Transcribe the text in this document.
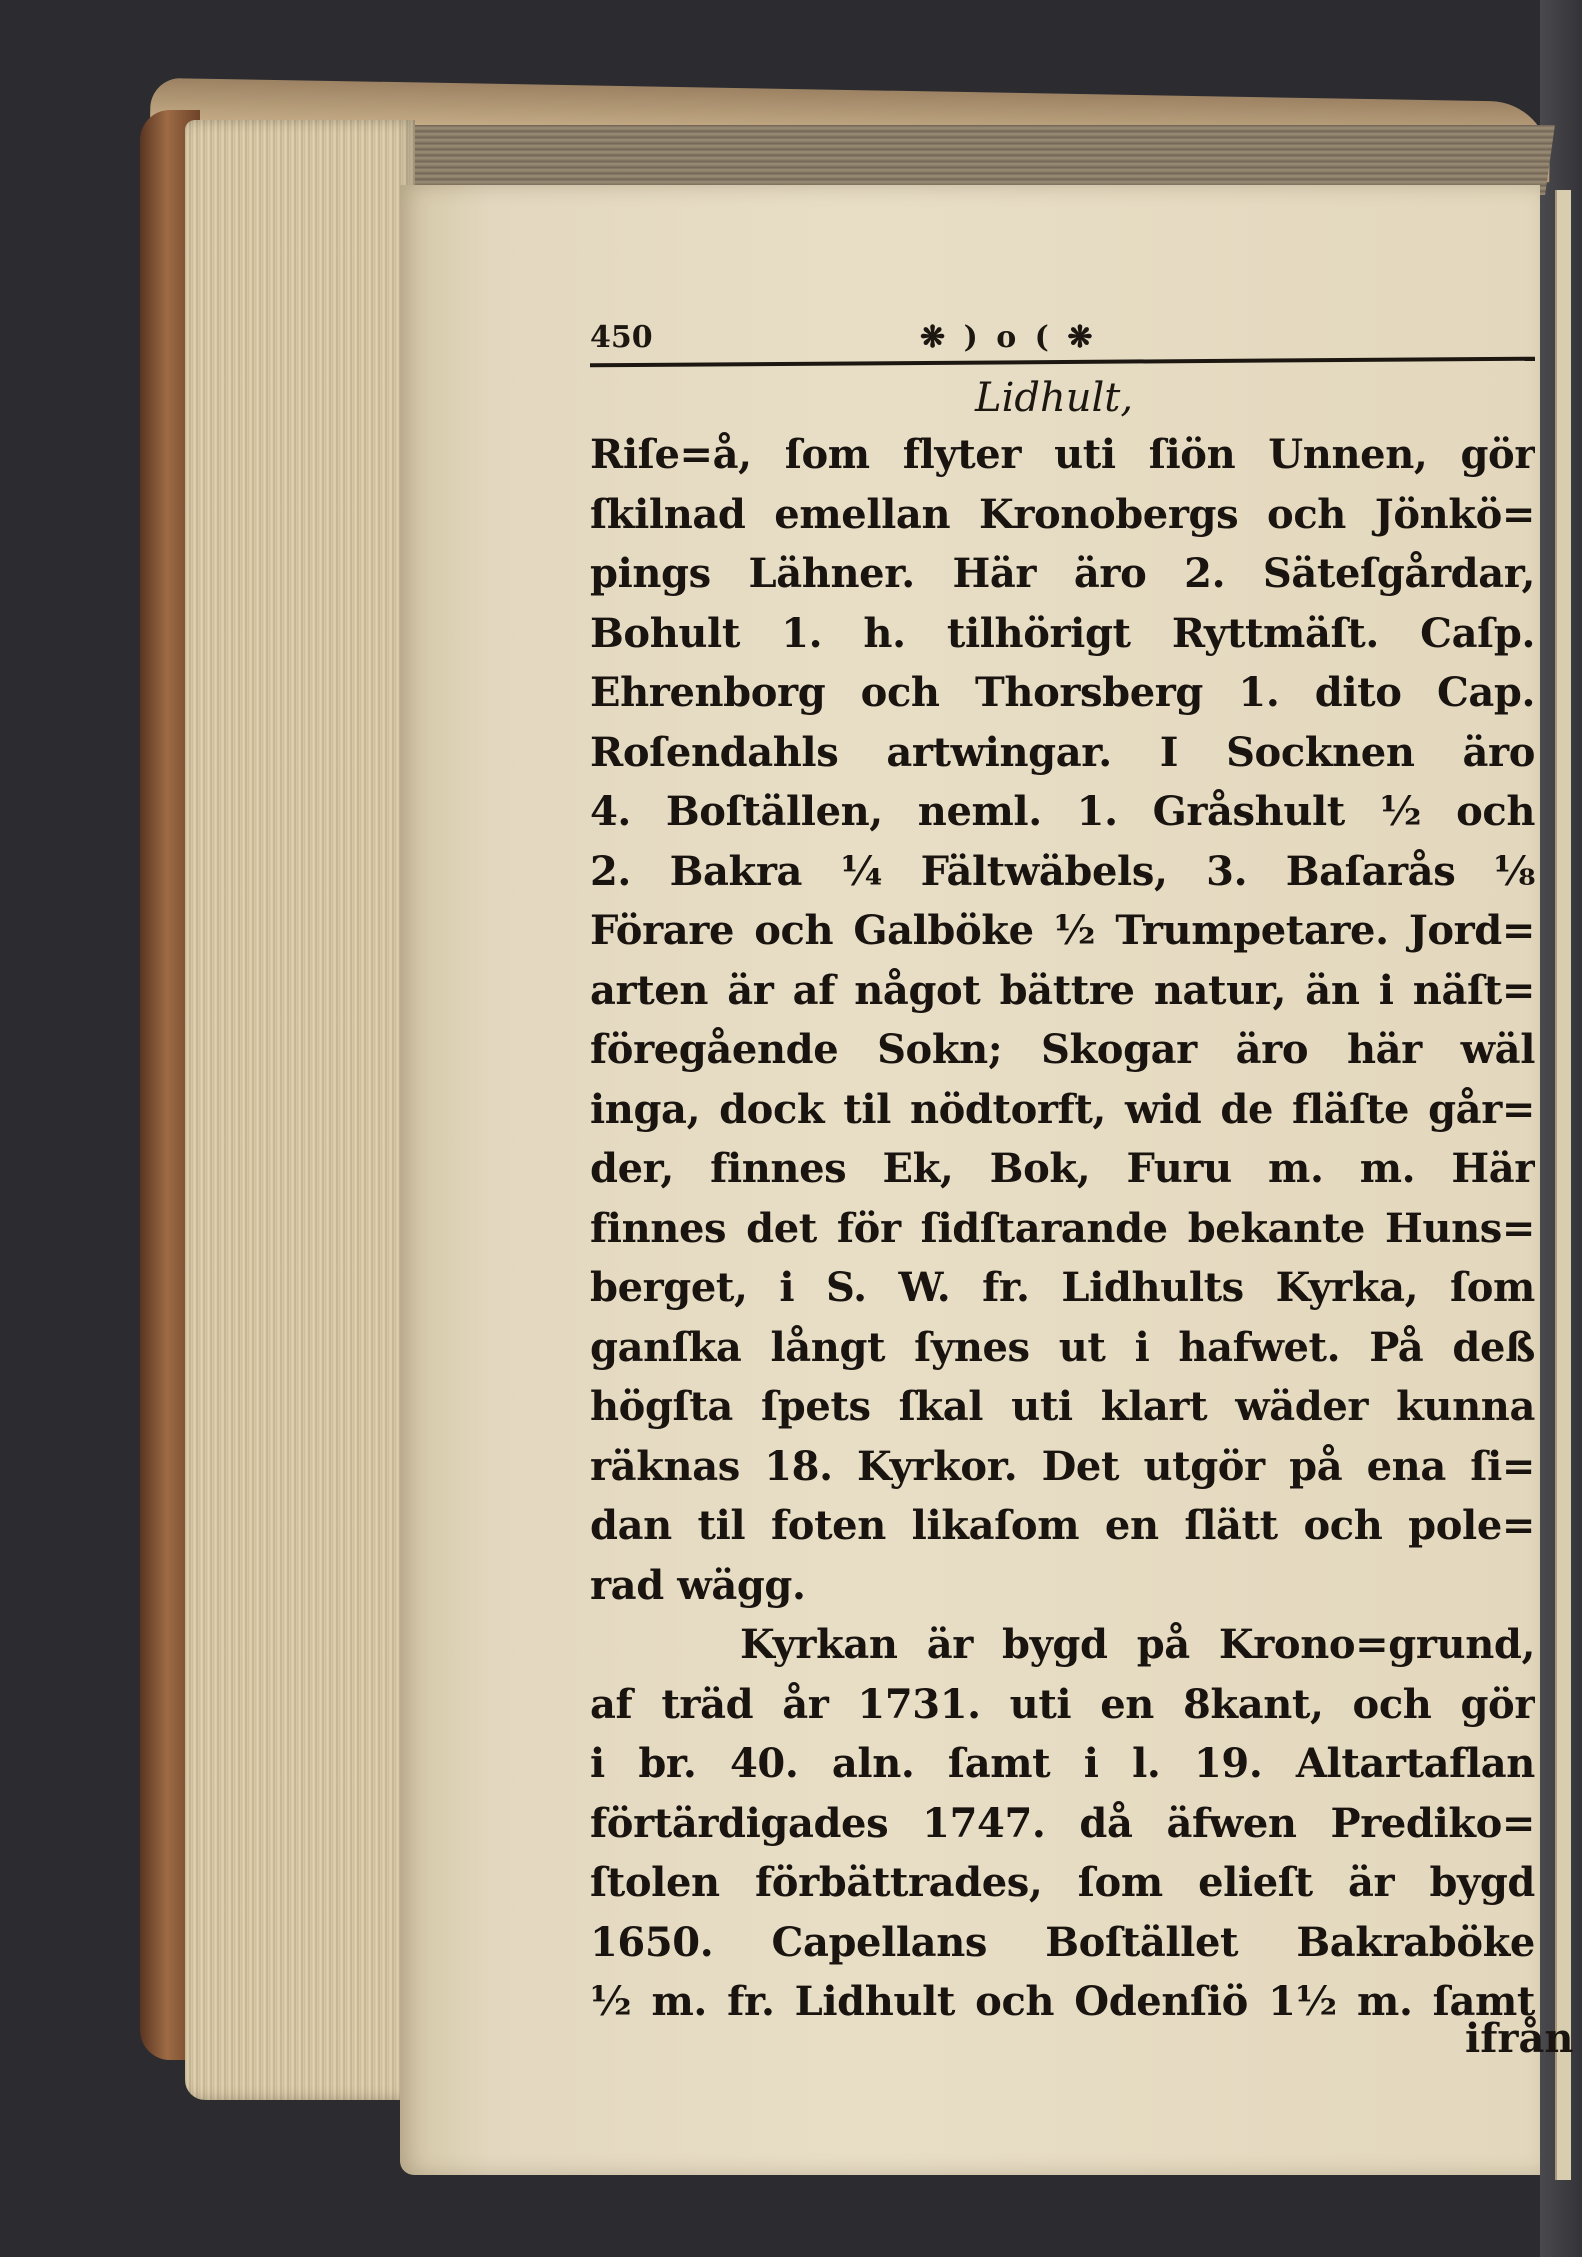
450	❋ ) o ( ❋
Lidhult,
Riſe=å, ſom flyter uti ſiön Unnen, gör
ſkilnad emellan Kronobergs och Jönkö=
pings Lähner. Här äro 2. Säteſgårdar,
Bohult 1. h. tilhörigt Ryttmäſt. Caſp.
Ehrenborg och Thorsberg 1. dito Cap.
Roſendahls artwingar. I Socknen äro
4. Boſtällen, neml. 1. Gråshult ½ och
2. Bakra ¼ Fältwäbels, 3. Baſarås ⅛
Förare och Galböke ½ Trumpetare. Jord=
arten är af något bättre natur, än i näſt=
föregående Sokn; Skogar äro här wäl
inga, dock til nödtorft, wid de fläſte går=
der, finnes Ek, Bok, Furu m. m. Här
finnes det för ſidſtarande bekante Huns=
berget, i S. W. fr. Lidhults Kyrka, ſom
ganſka långt ſynes ut i hafwet. På deß
högſta ſpets ſkal uti klart wäder kunna
räknas 18. Kyrkor. Det utgör på ena ſi=
dan til foten likaſom en ſlätt och pole=
rad wägg.
Kyrkan är bygd på Krono=grund,
af träd år 1731. uti en 8kant, och gör
i br. 40. aln. ſamt i l. 19. Altartaflan
förtärdigades 1747. då äfwen Prediko=
ſtolen förbättrades, ſom elieſt är bygd
1650. Capellans Boſtället Bakraböke
½ m. fr. Lidhult och Odenſiö 1½ m. ſamt
ifrån
